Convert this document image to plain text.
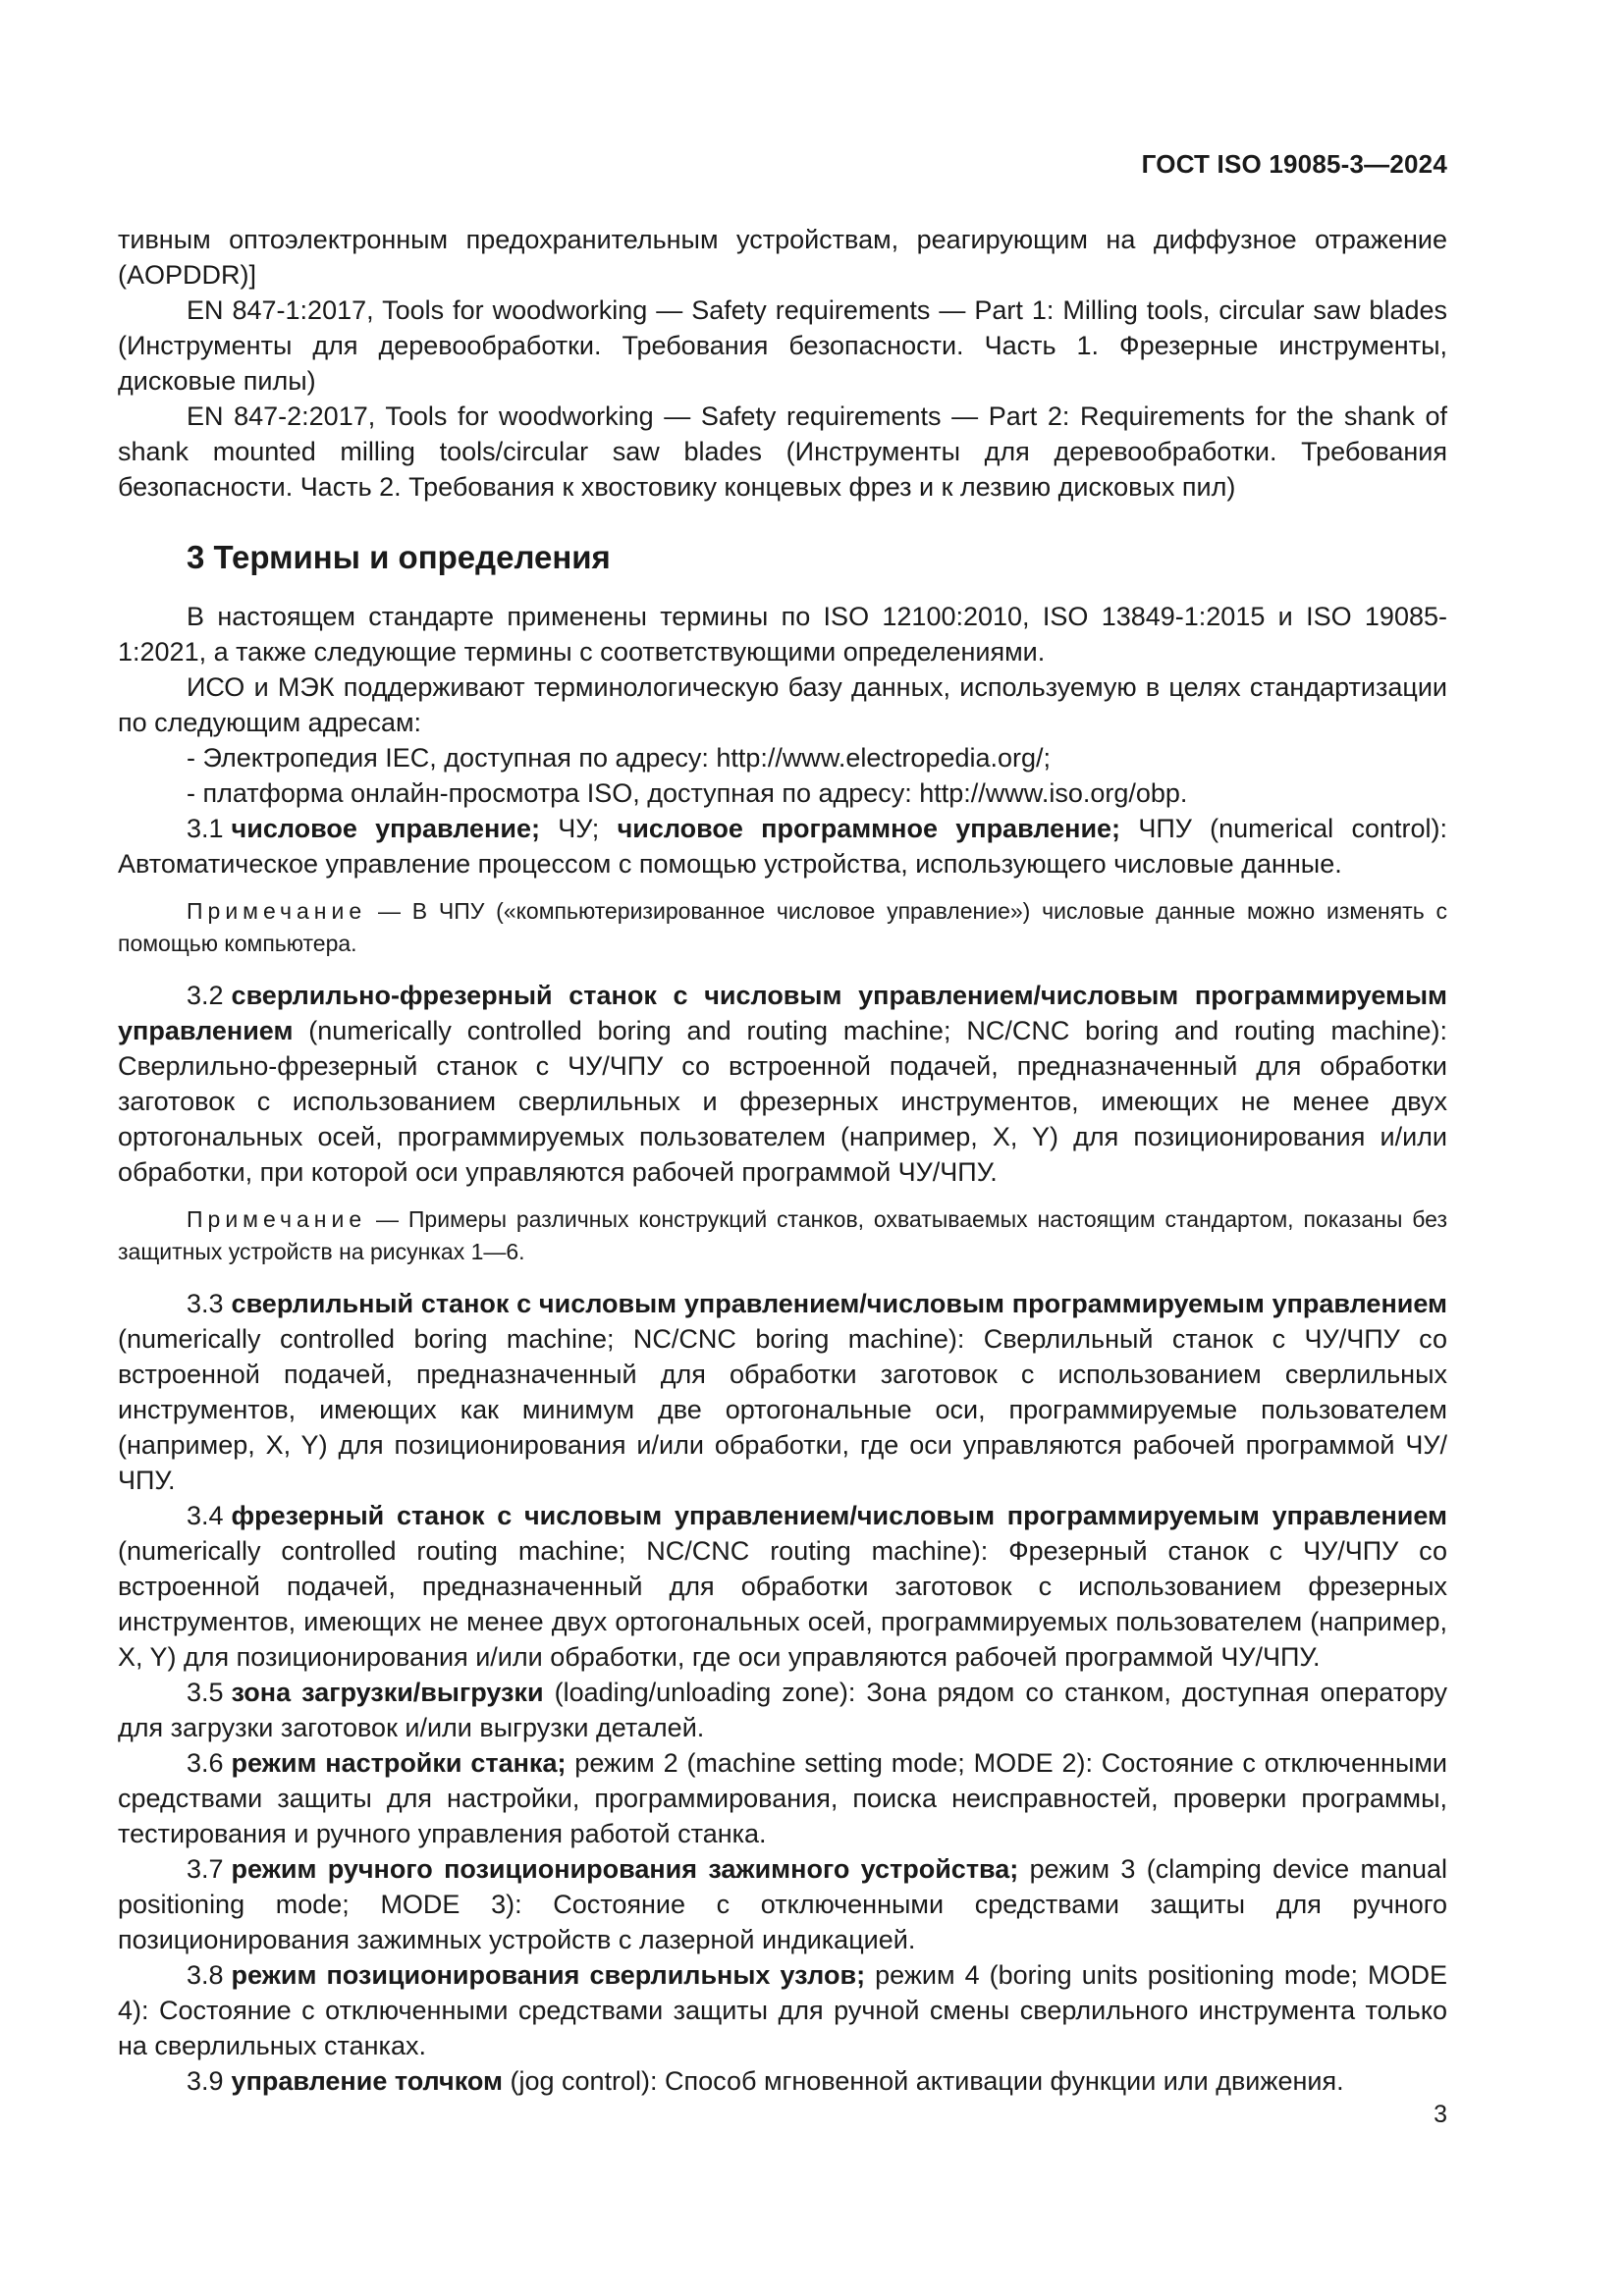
ГОСТ ISO 19085-3—2024

тивным оптоэлектронным предохранительным устройствам, реагирующим на диффузное отражение (AOPDDR)]

EN 847-1:2017, Tools for woodworking — Safety requirements — Part 1: Milling tools, circular saw blades (Инструменты для деревообработки. Требования безопасности. Часть 1. Фрезерные инструменты, дисковые пилы)

EN 847-2:2017, Tools for woodworking — Safety requirements — Part 2: Requirements for the shank of shank mounted milling tools/circular saw blades (Инструменты для деревообработки. Требования безопасности. Часть 2. Требования к хвостовику концевых фрез и к лезвию дисковых пил)

3 Термины и определения

В настоящем стандарте применены термины по ISO 12100:2010, ISO 13849-1:2015 и ISO 19085-1:2021, а также следующие термины с соответствующими определениями.

ИСО и МЭК поддерживают терминологическую базу данных, используемую в целях стандартизации по следующим адресам:

- Электропедия IEC, доступная по адресу: http://www.electropedia.org/;

- платформа онлайн-просмотра ISO, доступная по адресу: http://www.iso.org/obp.

3.1 числовое управление; ЧУ; числовое программное управление; ЧПУ (numerical control): Автоматическое управление процессом с помощью устройства, использующего числовые данные.

Примечание — В ЧПУ («компьютеризированное числовое управление») числовые данные можно изменять с помощью компьютера.

3.2 сверлильно-фрезерный станок с числовым управлением/числовым программируемым управлением (numerically controlled boring and routing machine; NC/CNC boring and routing machine): Сверлильно-фрезерный станок с ЧУ/ЧПУ со встроенной подачей, предназначенный для обработки заготовок с использованием сверлильных и фрезерных инструментов, имеющих не менее двух ортогональных осей, программируемых пользователем (например, X, Y) для позиционирования и/или обработки, при которой оси управляются рабочей программой ЧУ/ЧПУ.

Примечание — Примеры различных конструкций станков, охватываемых настоящим стандартом, показаны без защитных устройств на рисунках 1—6.

3.3 сверлильный станок с числовым управлением/числовым программируемым управлением (numerically controlled boring machine; NC/CNC boring machine): Сверлильный станок с ЧУ/ЧПУ со встроенной подачей, предназначенный для обработки заготовок с использованием сверлильных инструментов, имеющих как минимум две ортогональные оси, программируемые пользователем (например, X, Y) для позиционирования и/или обработки, где оси управляются рабочей программой ЧУ/ЧПУ.

3.4 фрезерный станок с числовым управлением/числовым программируемым управлением (numerically controlled routing machine; NC/CNC routing machine): Фрезерный станок с ЧУ/ЧПУ со встроенной подачей, предназначенный для обработки заготовок с использованием фрезерных инструментов, имеющих не менее двух ортогональных осей, программируемых пользователем (например, X, Y) для позиционирования и/или обработки, где оси управляются рабочей программой ЧУ/ЧПУ.

3.5 зона загрузки/выгрузки (loading/unloading zone): Зона рядом со станком, доступная оператору для загрузки заготовок и/или выгрузки деталей.

3.6 режим настройки станка; режим 2 (machine setting mode; MODE 2): Состояние с отключенными средствами защиты для настройки, программирования, поиска неисправностей, проверки программы, тестирования и ручного управления работой станка.

3.7 режим ручного позиционирования зажимного устройства; режим 3 (clamping device manual positioning mode; MODE 3): Состояние с отключенными средствами защиты для ручного позиционирования зажимных устройств с лазерной индикацией.

3.8 режим позиционирования сверлильных узлов; режим 4 (boring units positioning mode; MODE 4): Состояние с отключенными средствами защиты для ручной смены сверлильного инструмента только на сверлильных станках.

3.9 управление толчком (jog control): Способ мгновенной активации функции или движения.

3
